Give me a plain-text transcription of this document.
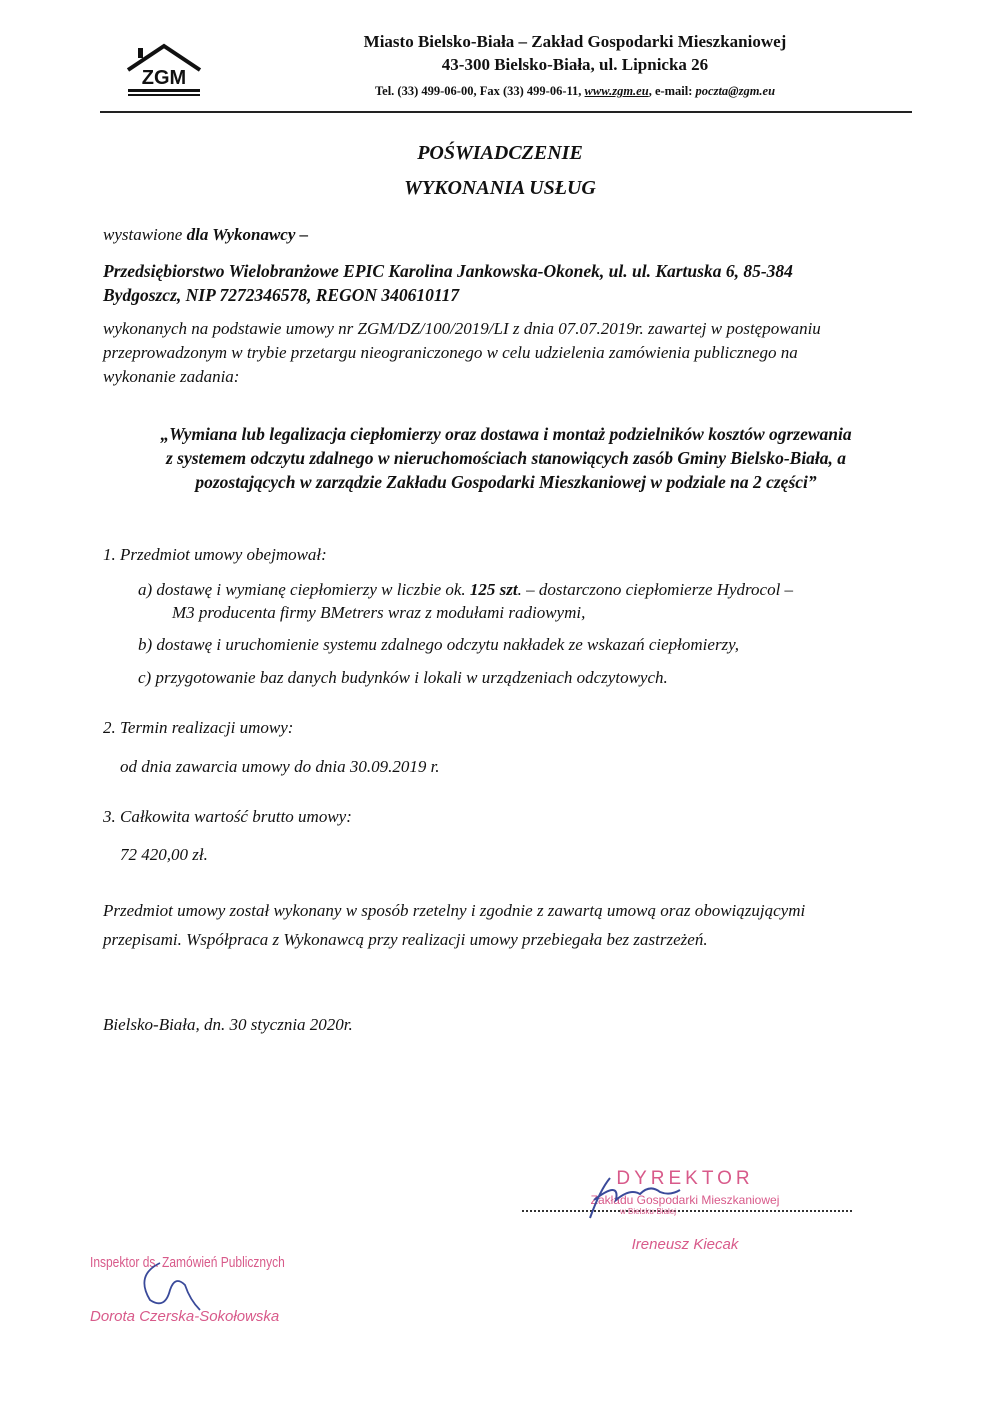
ZGM
Miasto Bielsko-Biała – Zakład Gospodarki Mieszkaniowej
43-300 Bielsko-Biała, ul. Lipnicka 26
Tel. (33) 499-06-00, Fax (33) 499-06-11, www.zgm.eu, e-mail: poczta@zgm.eu
POŚWIADCZENIE
WYKONANIA USŁUG
wystawione dla Wykonawcy –
Przedsiębiorstwo Wielobranżowe EPIC Karolina Jankowska-Okonek, ul. ul. Kartuska 6, 85-384
Bydgoszcz, NIP 7272346578, REGON 340610117
wykonanych na podstawie umowy nr ZGM/DZ/100/2019/LI z dnia 07.07.2019r. zawartej w postępowaniu
przeprowadzonym w trybie przetargu nieograniczonego w celu udzielenia zamówienia publicznego na
wykonanie zadania:
„Wymiana lub legalizacja ciepłomierzy oraz dostawa i montaż podzielników kosztów ogrzewania
z systemem odczytu zdalnego w nieruchomościach stanowiących zasób Gminy Bielsko-Biała, a
pozostających w zarządzie Zakładu Gospodarki Mieszkaniowej w podziale na 2 części”
1. Przedmiot umowy obejmował:
a) dostawę i wymianę ciepłomierzy w liczbie ok. 125 szt. – dostarczono ciepłomierze Hydrocol –
M3 producenta firmy BMetrers wraz z modułami radiowymi,
b) dostawę i uruchomienie systemu zdalnego odczytu nakładek ze wskazań ciepłomierzy,
c) przygotowanie baz danych budynków i lokali w urządzeniach odczytowych.
2. Termin realizacji umowy:
od dnia zawarcia umowy do dnia 30.09.2019 r.
3. Całkowita wartość brutto umowy:
72 420,00 zł.
Przedmiot umowy został wykonany w sposób rzetelny i zgodnie z zawartą umową oraz obowiązującymi
przepisami. Współpraca z Wykonawcą przy realizacji umowy przebiegała bez zastrzeżeń.
Bielsko-Biała, dn. 30 stycznia 2020r.
DYREKTOR
Zakładu Gospodarki Mieszkaniowej
w Bielsku-Białej
Ireneusz Kiecak
Inspektor ds. Zamówień Publicznych
Dorota Czerska-Sokołowska
